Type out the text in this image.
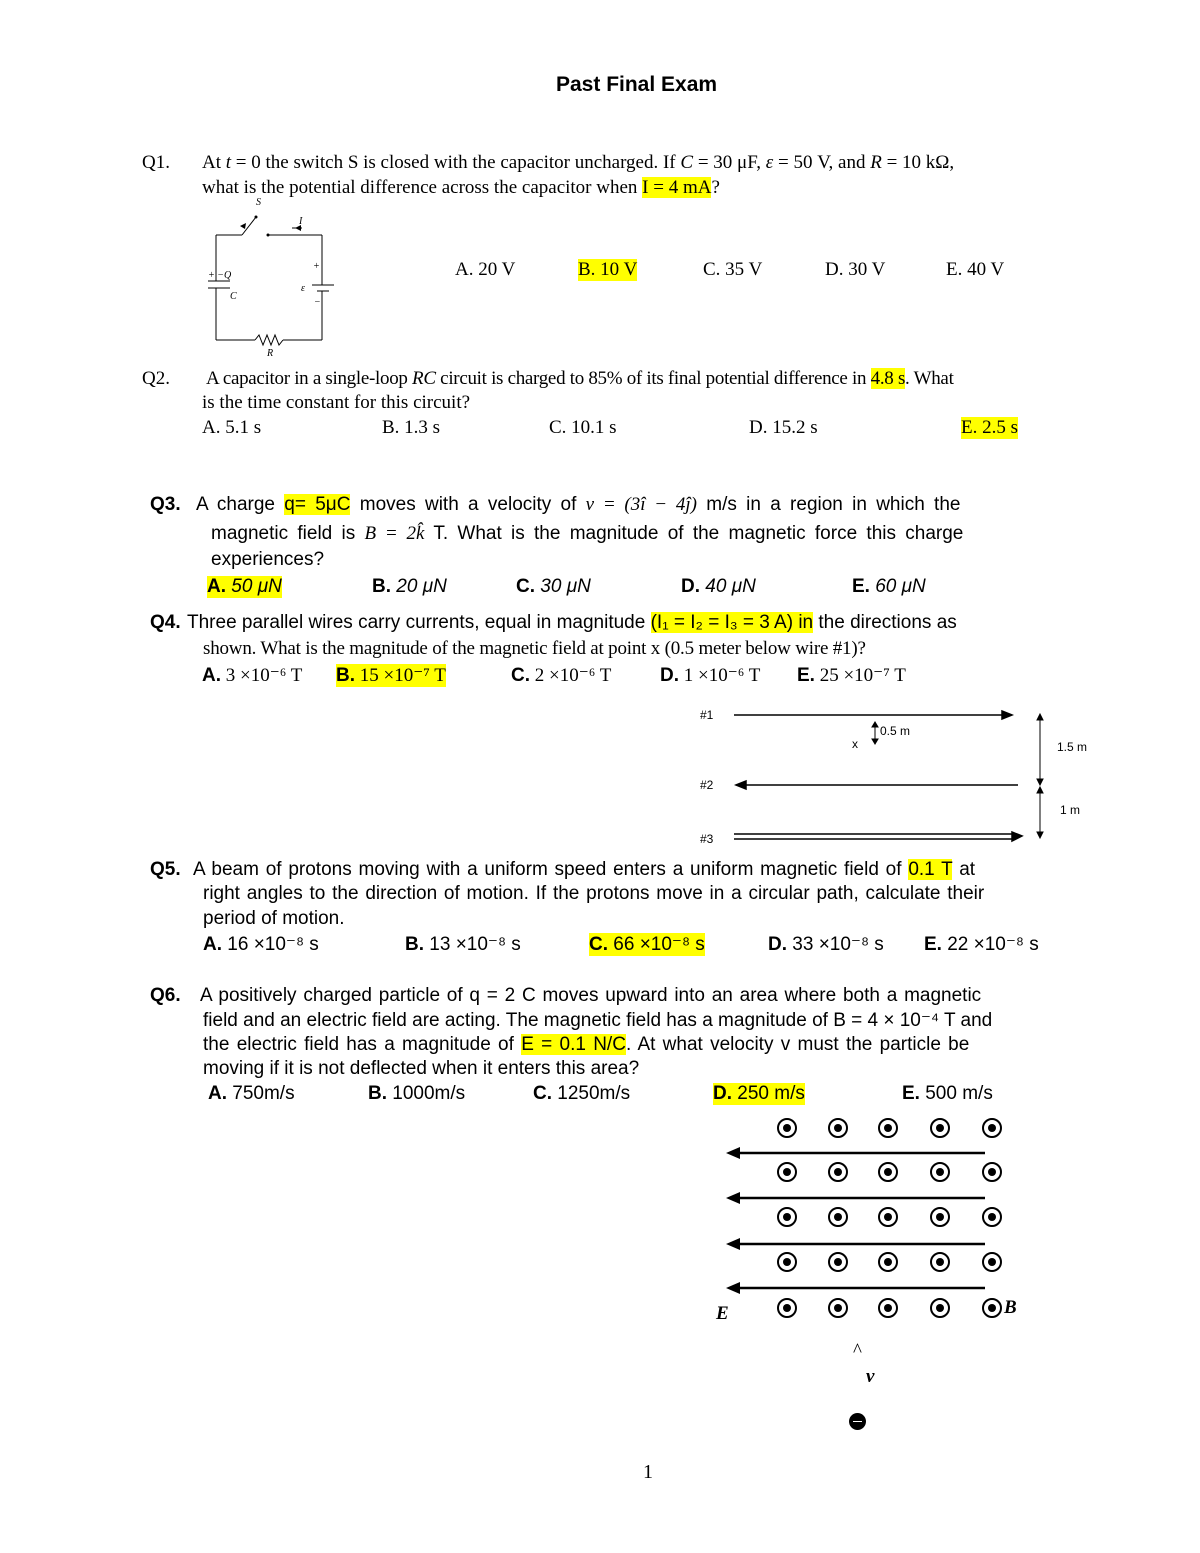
Past Final Exam
Q1. At t = 0 the switch S is closed with the capacitor uncharged. If C = 30 μF, ε = 50 V, and R = 10 kΩ,
what is the potential difference across the capacitor when I = 4 mA?
S
I
+ −Q
C
ε
+
−
R
A. 20 V	B. 10 V	C. 35 V	D. 30 V	E. 40 V
Q2. A capacitor in a single-loop RC circuit is charged to 85% of its final potential difference in 4.8 s. What
is the time constant for this circuit?
A. 5.1 s	B. 1.3 s	C. 10.1 s	D. 15.2 s	E. 2.5 s
Q3. A charge q= 5μC moves with a velocity of v = (3î − 4ĵ) m/s in a region in which the
magnetic field is B = 2k̂ T. What is the magnitude of the magnetic force this charge
experiences?
A. 50 μN	B. 20 μN	C. 30 μN	D. 40 μN	E. 60 μN
Q4. Three parallel wires carry currents, equal in magnitude (I₁ = I₂ = I₃ = 3 A) in the directions as
shown. What is the magnitude of the magnetic field at point x (0.5 meter below wire #1)?
A. 3 ×10⁻⁶ T B. 15 ×10⁻⁷ T	C. 2 ×10⁻⁶ T	D. 1 ×10⁻⁶ T E. 25 ×10⁻⁷ T
#1
#2
#3
x
0.5 m
1.5 m
1 m
Q5. A beam of protons moving with a uniform speed enters a uniform magnetic field of 0.1 T at
right angles to the direction of motion. If the protons move in a circular path, calculate their
period of motion.
A. 16 ×10⁻⁸ s	B. 13 ×10⁻⁸ s	C. 66 ×10⁻⁸ s	D. 33 ×10⁻⁸ s E. 22 ×10⁻⁸ s
Q6. A positively charged particle of q = 2 C moves upward into an area where both a magnetic
field and an electric field are acting. The magnetic field has a magnitude of B = 4 × 10⁻⁴ T and
the electric field has a magnitude of E = 0.1 N/C. At what velocity v must the particle be
moving if it is not deflected when it enters this area?
A. 750m/s	B. 1000m/s	C. 1250m/s	D. 250 m/s	E. 500 m/s
E	B
^
v
1
